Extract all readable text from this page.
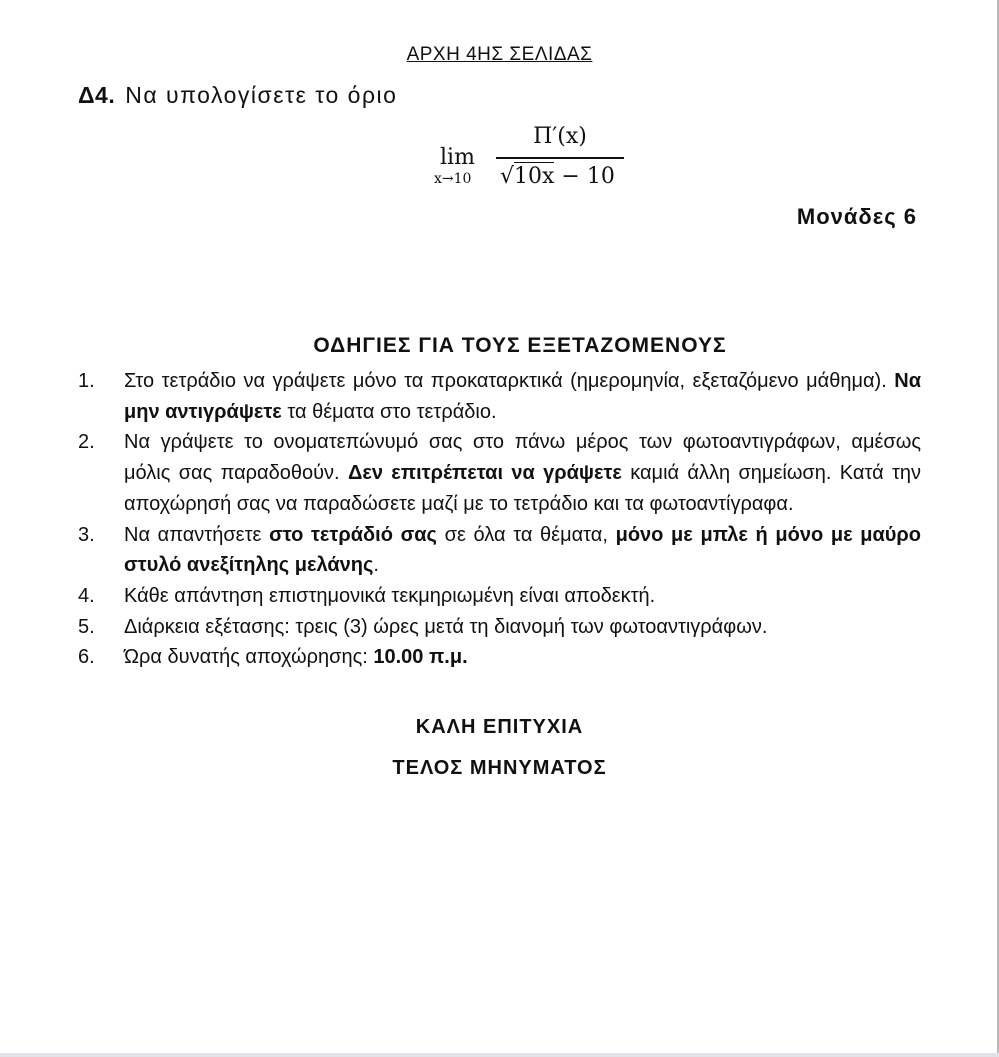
ΑΡΧΗ 4ΗΣ ΣΕΛΙΔΑΣ
Δ4. Να υπολογίσετε το όριο
lim
x→10
Π′(x)
√10x − 10
Μονάδες 6
ΟΔΗΓΙΕΣ ΓΙΑ ΤΟΥΣ ΕΞΕΤΑΖΟΜΕΝΟΥΣ
1. Στο τετράδιο να γράψετε μόνο τα προκαταρκτικά (ημερομηνία, εξεταζόμενο μάθημα). Να μην αντιγράψετε τα θέματα στο τετράδιο.
2. Να γράψετε το ονοματεπώνυμό σας στο πάνω μέρος των φωτοαντιγράφων, αμέσως μόλις σας παραδοθούν. Δεν επιτρέπεται να γράψετε καμιά άλλη σημείωση. Κατά την αποχώρησή σας να παραδώσετε μαζί με το τετράδιο και τα φωτοαντίγραφα.
3. Να απαντήσετε στο τετράδιό σας σε όλα τα θέματα, μόνο με μπλε ή μόνο με μαύρο στυλό ανεξίτηλης μελάνης.
4. Κάθε απάντηση επιστημονικά τεκμηριωμένη είναι αποδεκτή.
5. Διάρκεια εξέτασης: τρεις (3) ώρες μετά τη διανομή των φωτοαντιγράφων.
6. Ώρα δυνατής αποχώρησης: 10.00 π.μ.
ΚΑΛΗ ΕΠΙΤΥΧΙΑ
ΤΕΛΟΣ ΜΗΝΥΜΑΤΟΣ
